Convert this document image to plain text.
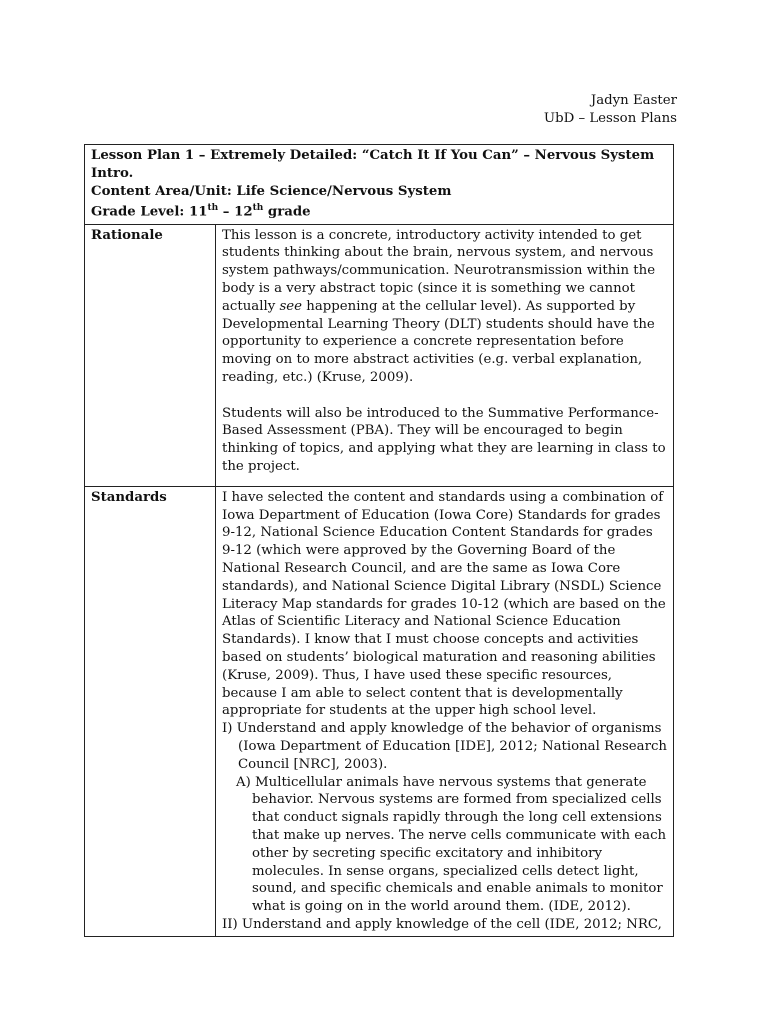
Jadyn Easter
UbD – Lesson Plans
Lesson Plan 1 – Extremely Detailed: “Catch It If You Can” – Nervous System Intro.
Content Area/Unit: Life Science/Nervous System
Grade Level: 11th – 12th grade	

Rationale	This lesson is a concrete, introductory activity intended to get students thinking about the brain, nervous system, and nervous system pathways/communication. Neurotransmission within the body is a very abstract topic (since it is something we cannot actually see happening at the cellular level). As supported by Developmental Learning Theory (DLT) students should have the opportunity to experience a concrete representation before moving on to more abstract activities (e.g. verbal explanation, reading, etc.) (Kruse, 2009).

Students will also be introduced to the Summative Performance-Based Assessment (PBA). They will be encouraged to begin thinking of topics, and applying what they are learning in class to the project.

Standards	I have selected the content and standards using a combination of Iowa Department of Education (Iowa Core) Standards for grades 9-12, National Science Education Content Standards for grades 9-12 (which were approved by the Governing Board of the National Research Council, and are the same as Iowa Core standards), and National Science Digital Library (NSDL) Science Literacy Map standards for grades 10-12 (which are based on the Atlas of Scientific Literacy and National Science Education Standards). I know that I must choose concepts and activities based on students’ biological maturation and reasoning abilities (Kruse, 2009). Thus, I have used these specific resources, because I am able to select content that is developmentally appropriate for students at the upper high school level.

I) Understand and apply knowledge of the behavior of organisms (Iowa Department of Education [IDE], 2012; National Research Council [NRC], 2003).

A) Multicellular animals have nervous systems that generate behavior. Nervous systems are formed from specialized cells that conduct signals rapidly through the long cell extensions that make up nerves. The nerve cells communicate with each other by secreting specific excitatory and inhibitory molecules. In sense organs, specialized cells detect light, sound, and specific chemicals and enable animals to monitor what is going on in the world around them. (IDE, 2012).

II) Understand and apply knowledge of the cell (IDE, 2012; NRC,
